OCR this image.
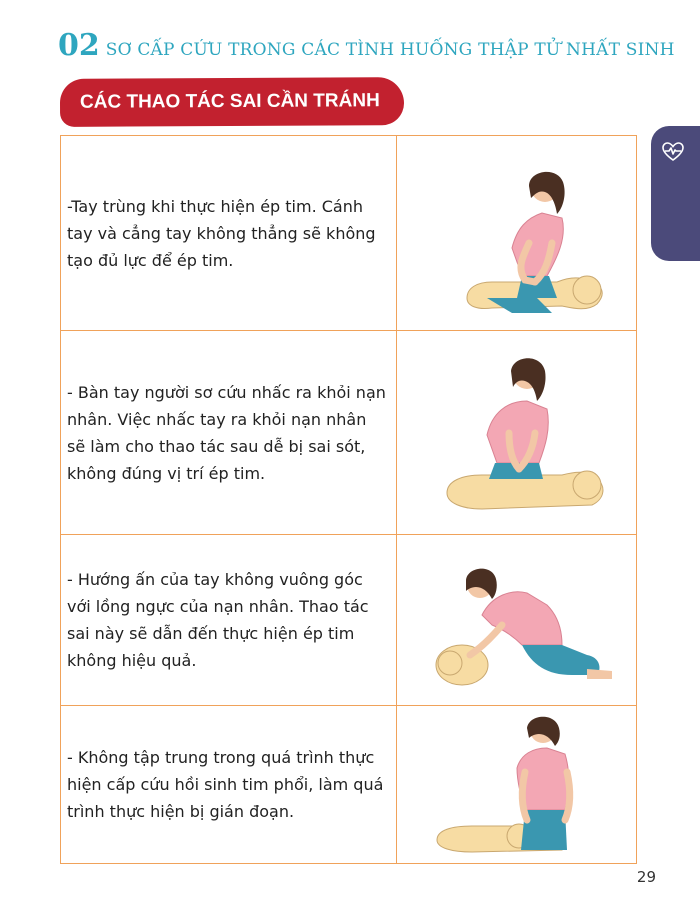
02 SƠ CẤP CỨU TRONG CÁC TÌNH HUỐNG THẬP TỬ NHẤT SINH
CÁC THAO TÁC SAI CẦN TRÁNH
-Tay trùng khi thực hiện ép tim. Cánh tay và cẳng tay không thẳng sẽ không tạo đủ lực để ép tim.

- Bàn tay người sơ cứu nhấc ra khỏi nạn nhân. Việc nhấc tay ra khỏi nạn nhân sẽ làm cho thao tác sau dễ bị sai sót, không đúng vị trí ép tim.

- Hướng ấn của tay không vuông góc với lồng ngực của nạn nhân. Thao tác sai này sẽ dẫn đến thực hiện ép tim không hiệu quả.

- Không tập trung trong quá trình thực hiện cấp cứu hồi sinh tim phổi, làm quá trình thực hiện bị gián đoạn.

29
